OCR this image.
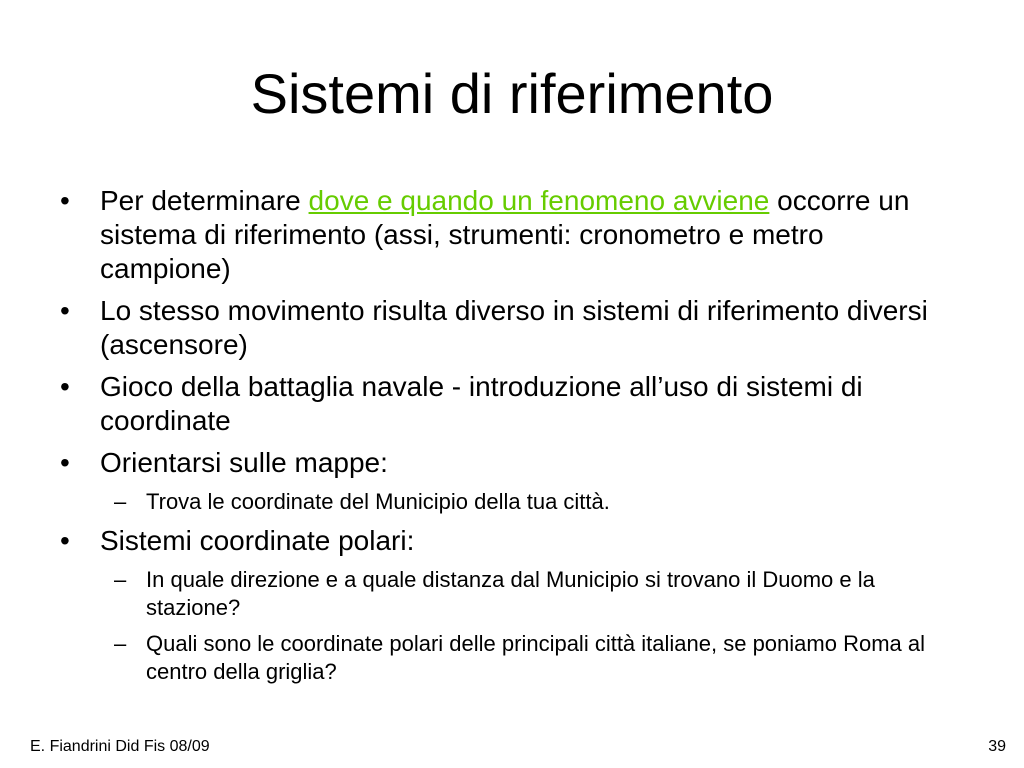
Sistemi di riferimento
• Per determinare dove e quando un fenomeno avviene occorre un sistema di riferimento (assi, strumenti: cronometro e metro campione)
• Lo stesso movimento risulta diverso in sistemi di riferimento diversi (ascensore)
• Gioco della battaglia navale - introduzione all’uso di sistemi di coordinate
• Orientarsi sulle mappe:
– Trova le coordinate del Municipio della tua città.
• Sistemi coordinate polari:
– In quale direzione e a quale distanza dal Municipio si trovano il Duomo e la stazione?
– Quali sono le coordinate polari delle principali città italiane, se poniamo Roma al centro della griglia?
E. Fiandrini Did Fis 08/09	39
